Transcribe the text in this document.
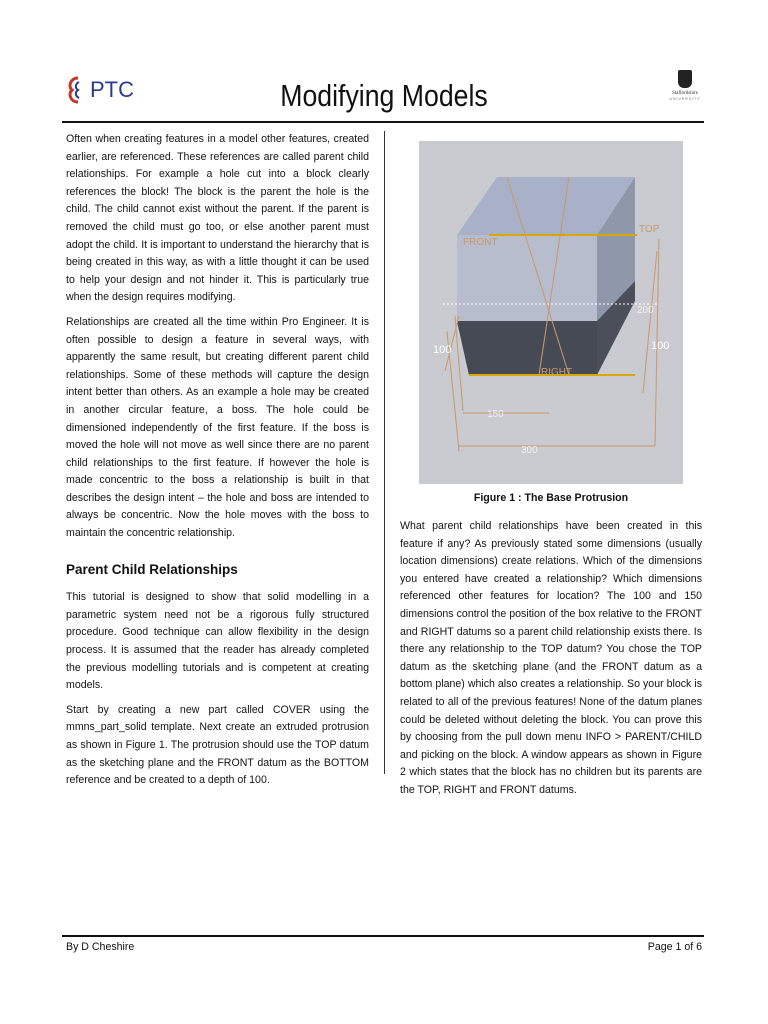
PTC	Modifying Models	Staffordshire
UNIVERSITY

Often when creating features in a model other features, created earlier, are referenced. These references are called parent child relationships. For example a hole cut into a block clearly references the block! The block is the parent the hole is the child. The child cannot exist without the parent. If the parent is removed the child must go too, or else another parent must adopt the child. It is important to understand the hierarchy that is being created in this way, as with a little thought it can be used to help your design and not hinder it. This is particularly true when the design requires modifying.

Relationships are created all the time within Pro Engineer. It is often possible to design a feature in several ways, with apparently the same result, but creating different parent child relationships. Some of these methods will capture the design intent better than others. As an example a hole may be created in another circular feature, a boss. The hole could be dimensioned independently of the first feature. If the boss is moved the hole will not move as well since there are no parent child relationships to the first feature. If however the hole is made concentric to the boss a relationship is built in that describes the design intent – the hole and boss are intended to always be concentric. Now the hole moves with the boss to maintain the concentric relationship.

Parent Child Relationships

This tutorial is designed to show that solid modelling in a parametric system need not be a rigorous fully structured procedure. Good technique can allow flexibility in the design process. It is assumed that the reader has already completed the previous modelling tutorials and is competent at creating models.

Start by creating a new part called COVER using the mmns_part_solid template. Next create an extruded protrusion as shown in Figure 1. The protrusion should use the TOP datum as the sketching plane and the FRONT datum as the BOTTOM reference and be created to a depth of 100.

FRONT
TOP
RIGHT
200
100	100
150
300
Figure 1 : The Base Protrusion

What parent child relationships have been created in this feature if any? As previously stated some dimensions (usually location dimensions) create relations. Which of the dimensions you entered have created a relationship? Which dimensions referenced other features for location? The 100 and 150 dimensions control the position of the box relative to the FRONT and RIGHT datums so a parent child relationship exists there. Is there any relationship to the TOP datum? You chose the TOP datum as the sketching plane (and the FRONT datum as a bottom plane) which also creates a relationship. So your block is related to all of the previous features! None of the datum planes could be deleted without deleting the block. You can prove this by choosing from the pull down menu INFO > PARENT/CHILD and picking on the block. A window appears as shown in Figure 2 which states that the block has no children but its parents are the TOP, RIGHT and FRONT datums.

By D Cheshire	Page 1 of 6
